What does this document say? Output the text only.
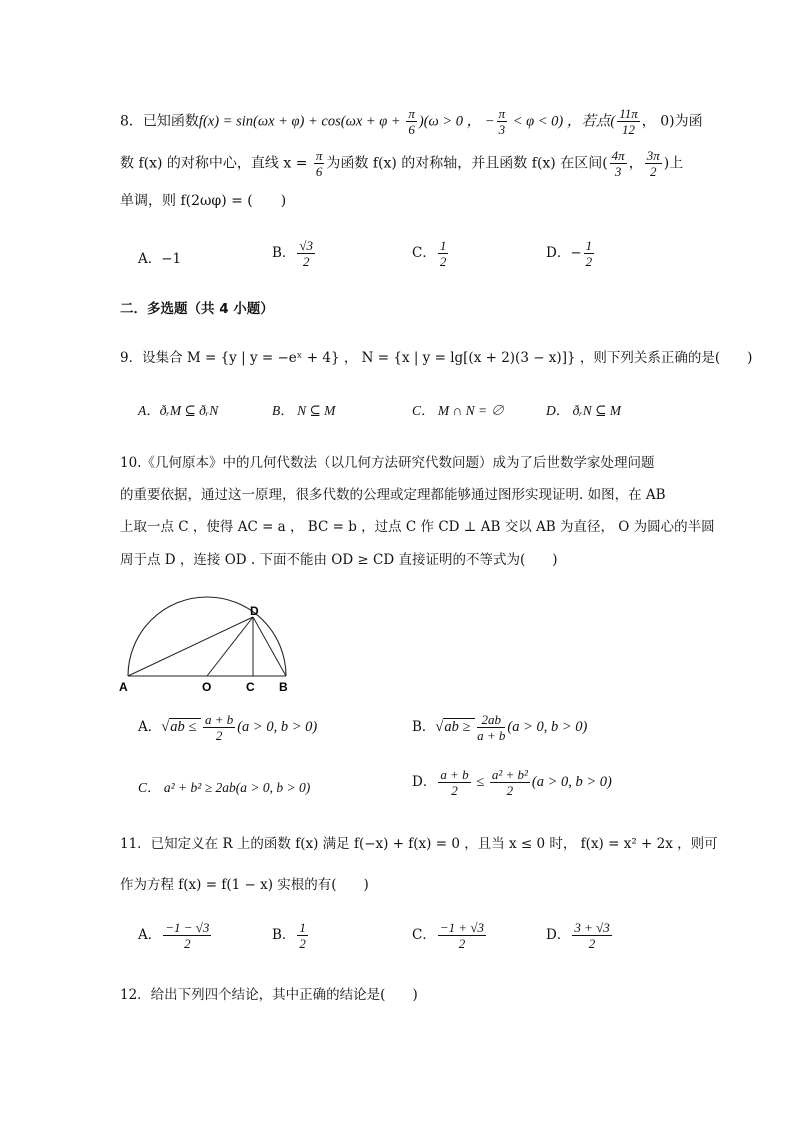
8．已知函数$f(x) = \sin(\omega x + \varphi) + \cos(\omega x + \varphi + \frac{\pi}{6} )(\omega > 0$ ， − $\frac{\pi}{3} < \varphi < 0$) ，若点( $\frac{11\pi}{12}$ ， 0)为函
数 f(x) 的对称中心，直线 $x = \frac{\pi}{6}$ 为函数 f(x) 的对称轴，并且函数 f(x) 在区间( $\frac{4\pi}{3}$ ， $\frac{3\pi}{2}$ )上
单调，则 f(2ωφ) = (　　)
A．−1	B． $\frac{√3}{2}$	C． $\frac{1}{2}$	D．− $\frac{1}{2}$
二．多选题（共 4 小题）
9．设集合 M = {y | y = −eˣ + 4} ， N = {x | y = lg[(x + 2)(3 − x)]} ，则下列关系正确的是(　　)
A．ðᵣM ⊆ ðᵣN	B． N ⊆ M	C． M ∩ N = ∅	D． ðᵣN ⊆ M
10.《几何原本》中的几何代数法（以几何方法研究代数问题）成为了后世数学家处理问题
的重要依据，通过这一原理，很多代数的公理或定理都能够通过图形实现证明. 如图，在 AB
上取一点 C ，使得 AC = a ， BC = b ，过点 C 作 CD ⊥ AB 交以 AB 为直径， O 为圆心的半圆
周于点 D ，连接 OD . 下面不能由 OD ≥ CD 直接证明的不等式为(　　)
A	O	C B
D
A．$√ab \le \frac{a + b}{2} (a > 0$, b > 0)	B．$√ab \ge \frac{2ab}{a + b} (a > 0$, b > 0)
C． a² + b² ≥ 2ab(a > 0, b > 0)	D． $\frac{a + b}{2} \le \frac{\text{a² + b²}}{2} (a > 0$, b > 0)
11．已知定义在 R 上的函数 f(x) 满足 f(−x) + f(x) = 0 ，且当 x ≤ 0 时， f(x) = x² + 2x ，则可
作为方程 f(x) = f(1 − x) 实根的有(　　)
A． $\frac{-1 - √3}{2}$	B． $\frac{1}{2}$	C． $\frac{-1 + √3}{2}$	D． $\frac{3 + √3}{2}$
12．给出下列四个结论，其中正确的结论是(　　)
